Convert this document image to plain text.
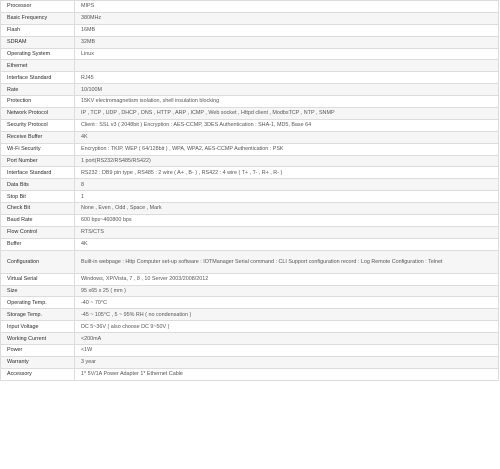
Processor	MIPS
Basic Frequency	380MHz
Flash	16MB
SDRAM	32MB
Operating System	Linux
Ethernet	
Interface Standard	RJ45
Rate	10/100M
Protection	15KV electromagnetism isolation, shell insulation blocking
Network Protocol	IP , TCP , UDP , DHCP , DNS , HTTP , ARP , ICMP , Web socket , Httpd client , ModbsTCP , NTP , SNMP
Security Protocol	Client : SSL v3 ( 2048bit ) Encryption : AES-CCMP, 3DES Authentication : SHA-1, MD5, Base 64
Receive Buffer	4K
Wi-Fi Security	Encryption : TKIP, WEP ( 64/128bit ) , WPA, WPA2, AES-CCMP Authentication : PSK
Port Number	1 port(RS232/RS485/RS422)
Interface Standard	RS232 : DB9 pin type , RS485 : 2 wire ( A+ , B- ) , RS422 : 4 wire ( T+ , T- , R+ , R- )
Data Bits	8
Stop Bit	1
Check Bit	None , Even , Odd , Space , Mark
Baud Rate	600 bps~460800 bps
Flow Control	RTS/CTS
Buffer	4K
Configuration	Built-in webpage : Http Computer set-up software : IOTManager Serial command : CLI Support configuration record : Log Remote Configuration : Telnet
Virtual Serial	Windows, XP/Vista, 7 , 8 , 10 Server 2003/2008/2012
Size	95 x65 x 25 ( mm )
Operating Temp.	-40 ~ 70°C
Storage Temp.	-45 ~ 105°C , 5 ~ 95% RH ( no condensation )
Input Voltage	DC 5~36V ( also choose DC 9~50V )
Working Current	<200mA
Power	<1W
Warranty	3 year
Accessory	1* 5V/1A Power Adapter 1* Ethernet Cable
